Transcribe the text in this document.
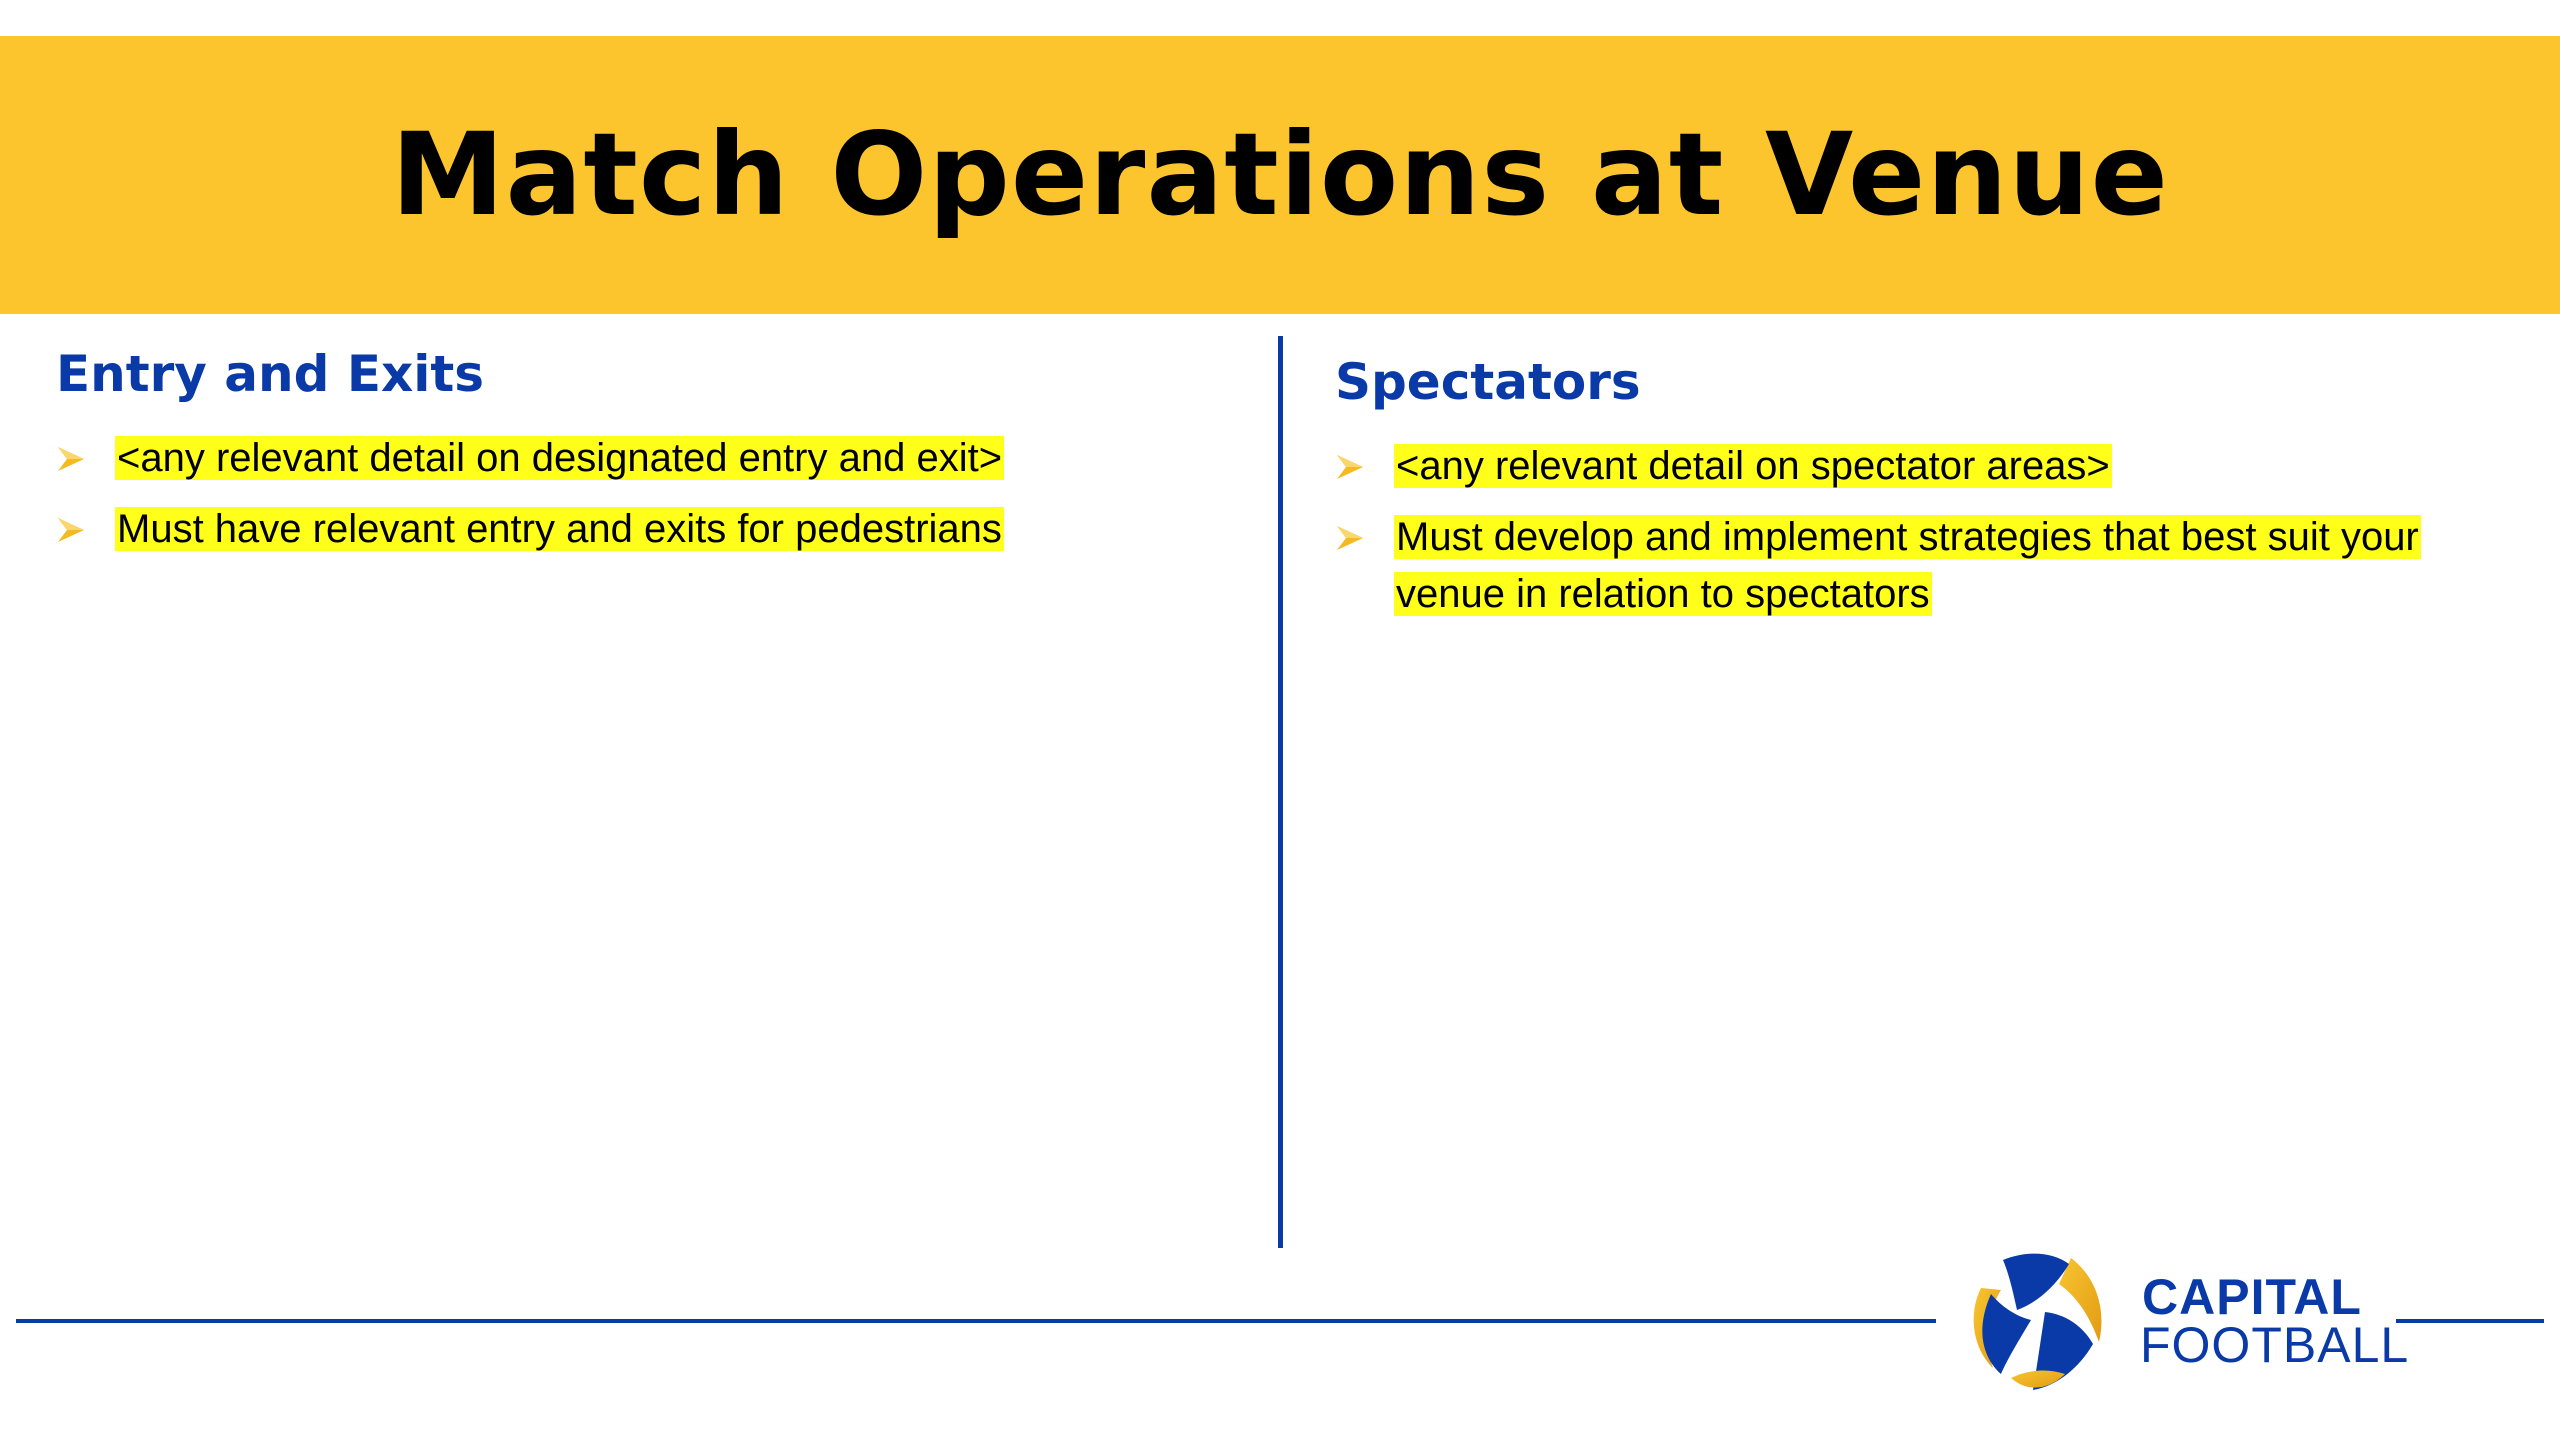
Match Operations at Venue
Entry and Exits
<any relevant detail on designated entry and exit>
Must have relevant entry and exits for pedestrians
Spectators
<any relevant detail on spectator areas>
Must develop and implement strategies that best suit your venue in relation to spectators
CAPITAL
FOOTBALL
